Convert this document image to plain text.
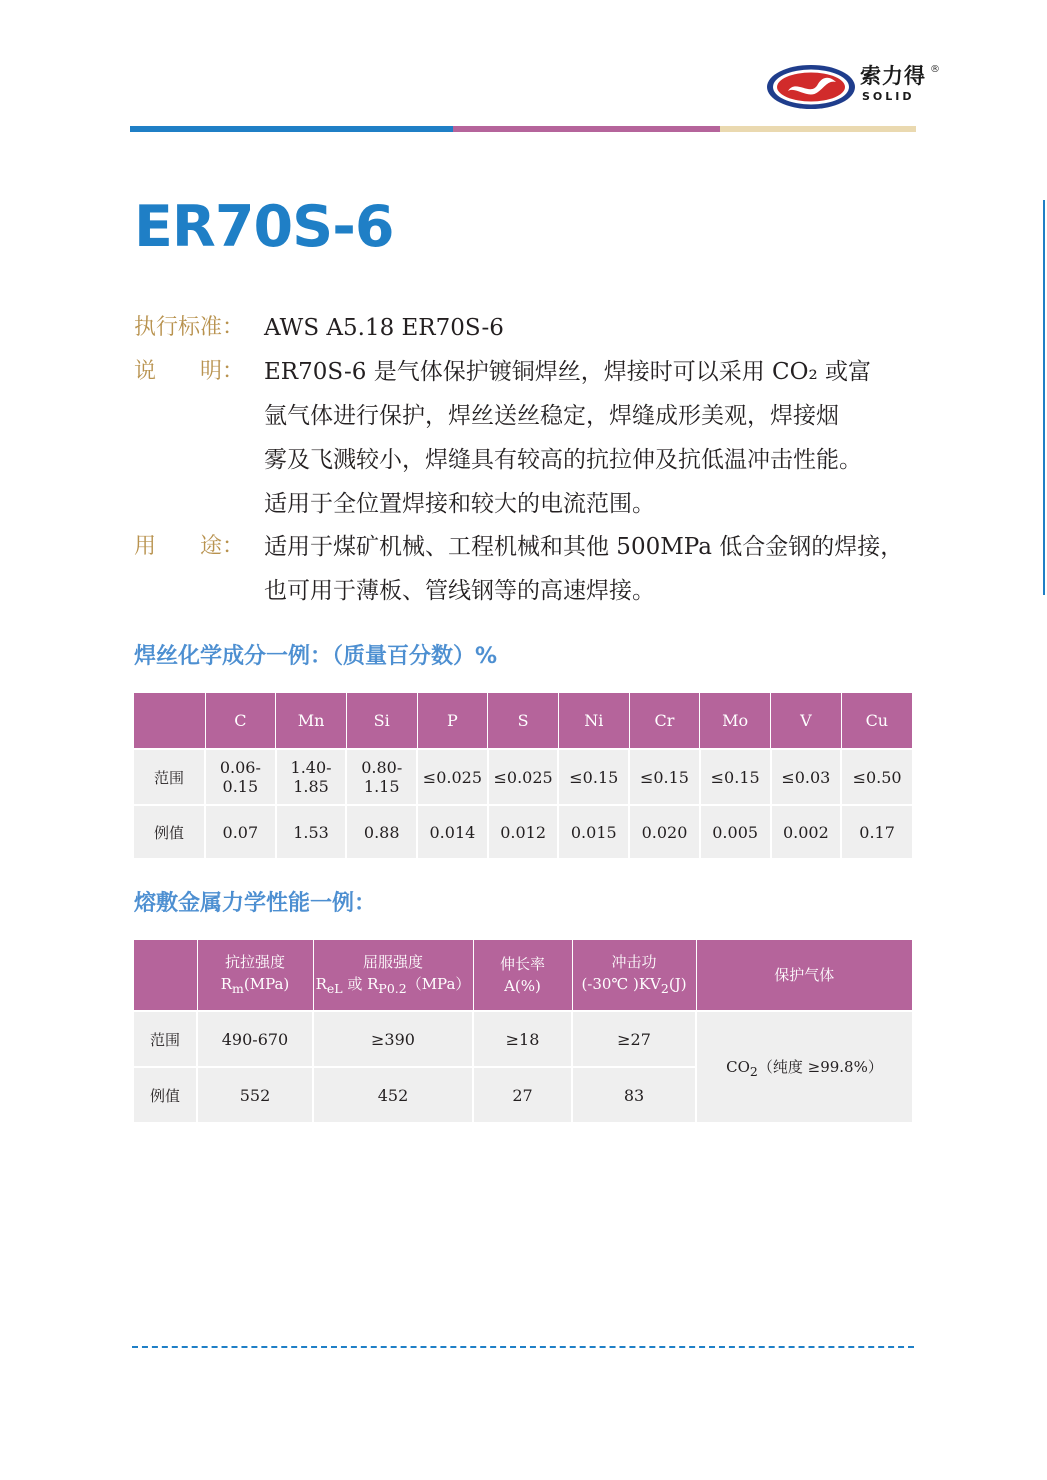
索力得 ®
SOLID
ER70S-6
执行标准： AWS A5.18 ER70S-6
说　　明： ER70S-6 是气体保护镀铜焊丝，焊接时可以采用 CO₂ 或富
氩气体进行保护，焊丝送丝稳定，焊缝成形美观，焊接烟
雾及飞溅较小，焊缝具有较高的抗拉伸及抗低温冲击性能。
适用于全位置焊接和较大的电流范围。
用　　途： 适用于煤矿机械、工程机械和其他 500MPa 低合金钢的焊接，
也可用于薄板、管线钢等的高速焊接。
焊丝化学成分一例：（质量百分数）%
	C	Mn	Si	P	S	Ni	Cr	Mo	V	Cu
范围	0.06-
0.15	1.40-
1.85	0.80-
1.15	≤0.025	≤0.025	≤0.15	≤0.15	≤0.15	≤0.03	≤0.50
例值	0.07	1.53	0.88	0.014	0.012	0.015	0.020	0.005	0.002	0.17
熔敷金属力学性能一例：
	抗拉强度
$R_m(MPa)$	屈服强度
$R_{eL}$ 或 $R_{P0.2}(MPa)$	伸长率
A(%)	冲击功
(-30℃ )$KV_2(J)$	保护气体
范围	490-670	≥390	≥18	≥27	$CO_2$（纯度 ≥99.8%）
例值	552	452	27	83	
